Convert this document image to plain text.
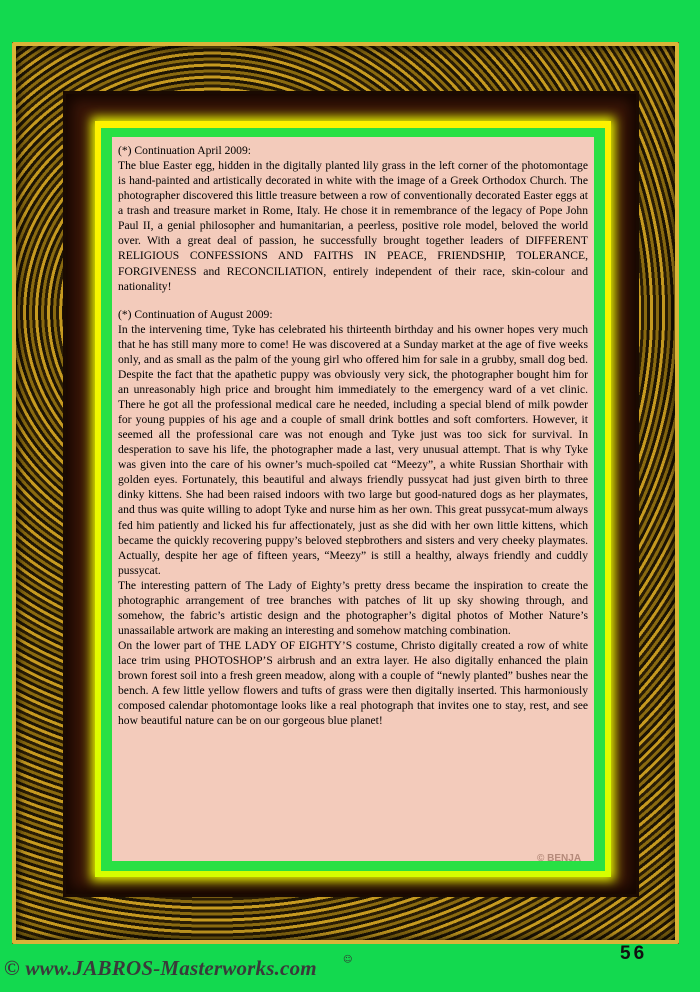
(*) Continuation April 2009:

The blue Easter egg, hidden in the digitally planted lily grass in the left corner of the photomontage is hand-painted and artistically decorated in white with the image of a Greek Orthodox Church. The photographer discovered this little treasure between a row of conventionally decorated Easter eggs at a trash and treasure market in Rome, Italy. He chose it in remembrance of the legacy of Pope John Paul II, a genial philosopher and humanitarian, a peerless, positive role model, beloved the world over. With a great deal of passion, he successfully brought together leaders of DIFFERENT RELIGIOUS CONFESSIONS AND FAITHS IN PEACE, FRIENDSHIP, TOLERANCE, FORGIVENESS and RECONCILIATION, entirely independent of their race, skin-colour and nationality!

(*) Continuation of August 2009:

In the intervening time, Tyke has celebrated his thirteenth birthday and his owner hopes very much that he has still many more to come! He was discovered at a Sunday market at the age of five weeks only, and as small as the palm of the young girl who offered him for sale in a grubby, small dog bed. Despite the fact that the apathetic puppy was obviously very sick, the photographer bought him for an unreasonably high price and brought him immediately to the emergency ward of a vet clinic. There he got all the professional medical care he needed, including a special blend of milk powder for young puppies of his age and a couple of small drink bottles and soft comforters. However, it seemed all the professional care was not enough and Tyke just was too sick for survival. In desperation to save his life, the photographer made a last, very unusual attempt. That is why Tyke was given into the care of his owner’s much-spoiled cat “Meezy”, a white Russian Shorthair with golden eyes. Fortunately, this beautiful and always friendly pussycat had just given birth to three dinky kittens. She had been raised indoors with two large but good-natured dogs as her playmates, and thus was quite willing to adopt Tyke and nurse him as her own. This great pussycat-mum always fed him patiently and licked his fur affectionately, just as she did with her own little kittens, which became the quickly recovering puppy’s beloved stepbrothers and sisters and very cheeky playmates. Actually, despite her age of fifteen years, “Meezy” is still a healthy, always friendly and cuddly pussycat.

The interesting pattern of The Lady of Eighty’s pretty dress became the inspiration to create the photographic arrangement of tree branches with patches of lit up sky showing through, and somehow, the fabric’s artistic design and the photographer’s digital photos of Mother Nature’s unassailable artwork are making an interesting and somehow matching combination.

On the lower part of THE LADY OF EIGHTY’S costume, Christo digitally created a row of white lace trim using PHOTOSHOP’S airbrush and an extra layer. He also digitally enhanced the plain brown forest soil into a fresh green meadow, along with a couple of “newly planted” bushes near the bench. A few little yellow flowers and tufts of grass were then digitally inserted. This harmoniously composed calendar photomontage looks like a real photograph that invites one to stay, rest, and see how beautiful nature can be on our gorgeous blue planet!

© BENJA
© www.JABROS-Masterworks.com	☺	56
